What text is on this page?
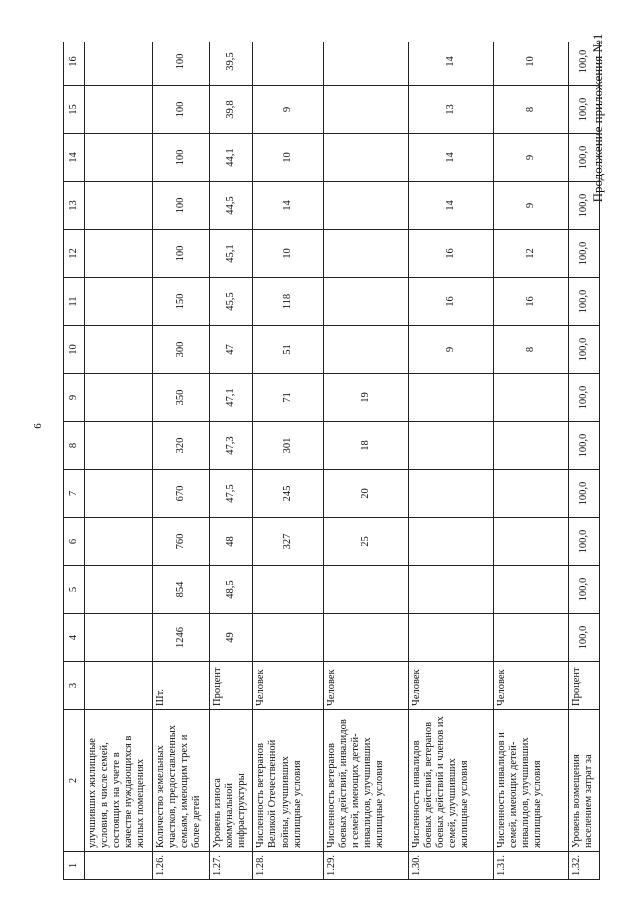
6
Продолжение приложения №1
1	2	3	4	5	6	7	8	9	10	11	12	13	14	15	16
	улучшивших жилищные условия, в числе семей, состоящих на учете в качестве нуждающихся в жилых помещениях														
1.26.	Количество земельных участков, предоставленных семьям, имеющим трех и более детей	Шт.	1246	854	760	670	320	350	300	150	100	100	100	100	100
1.27.	Уровень износа коммунальной инфраструктуры	Процент	49	48,5	48	47,5	47,3	47,1	47	45,5	45,1	44,5	44,1	39,8	39,5
1.28.	Численность ветеранов Великой Отечественной войны, улучшивших жилищные условия	Человек			327	245	301	71	51	118	10	14	10	9	
1.29.	Численность ветеранов боевых действий, инвалидов и семей, имеющих детей-инвалидов, улучшивших жилищные условия	Человек			25	20	18	19							
1.30.	Численность инвалидов боевых действий, ветеранов боевых действий и членов их семей, улучшивших жилищные условия	Человек							9	16	16	14	14	13	14
1.31.	Численность инвалидов и семей, имеющих детей-инвалидов, улучшивших жилищные условия	Человек							8	16	12	9	9	8	10
1.32.	Уровень возмещения населением затрат за	Процент	100,0	100,0	100,0	100,0	100,0	100,0	100,0	100,0	100,0	100,0	100,0	100,0	100,0
